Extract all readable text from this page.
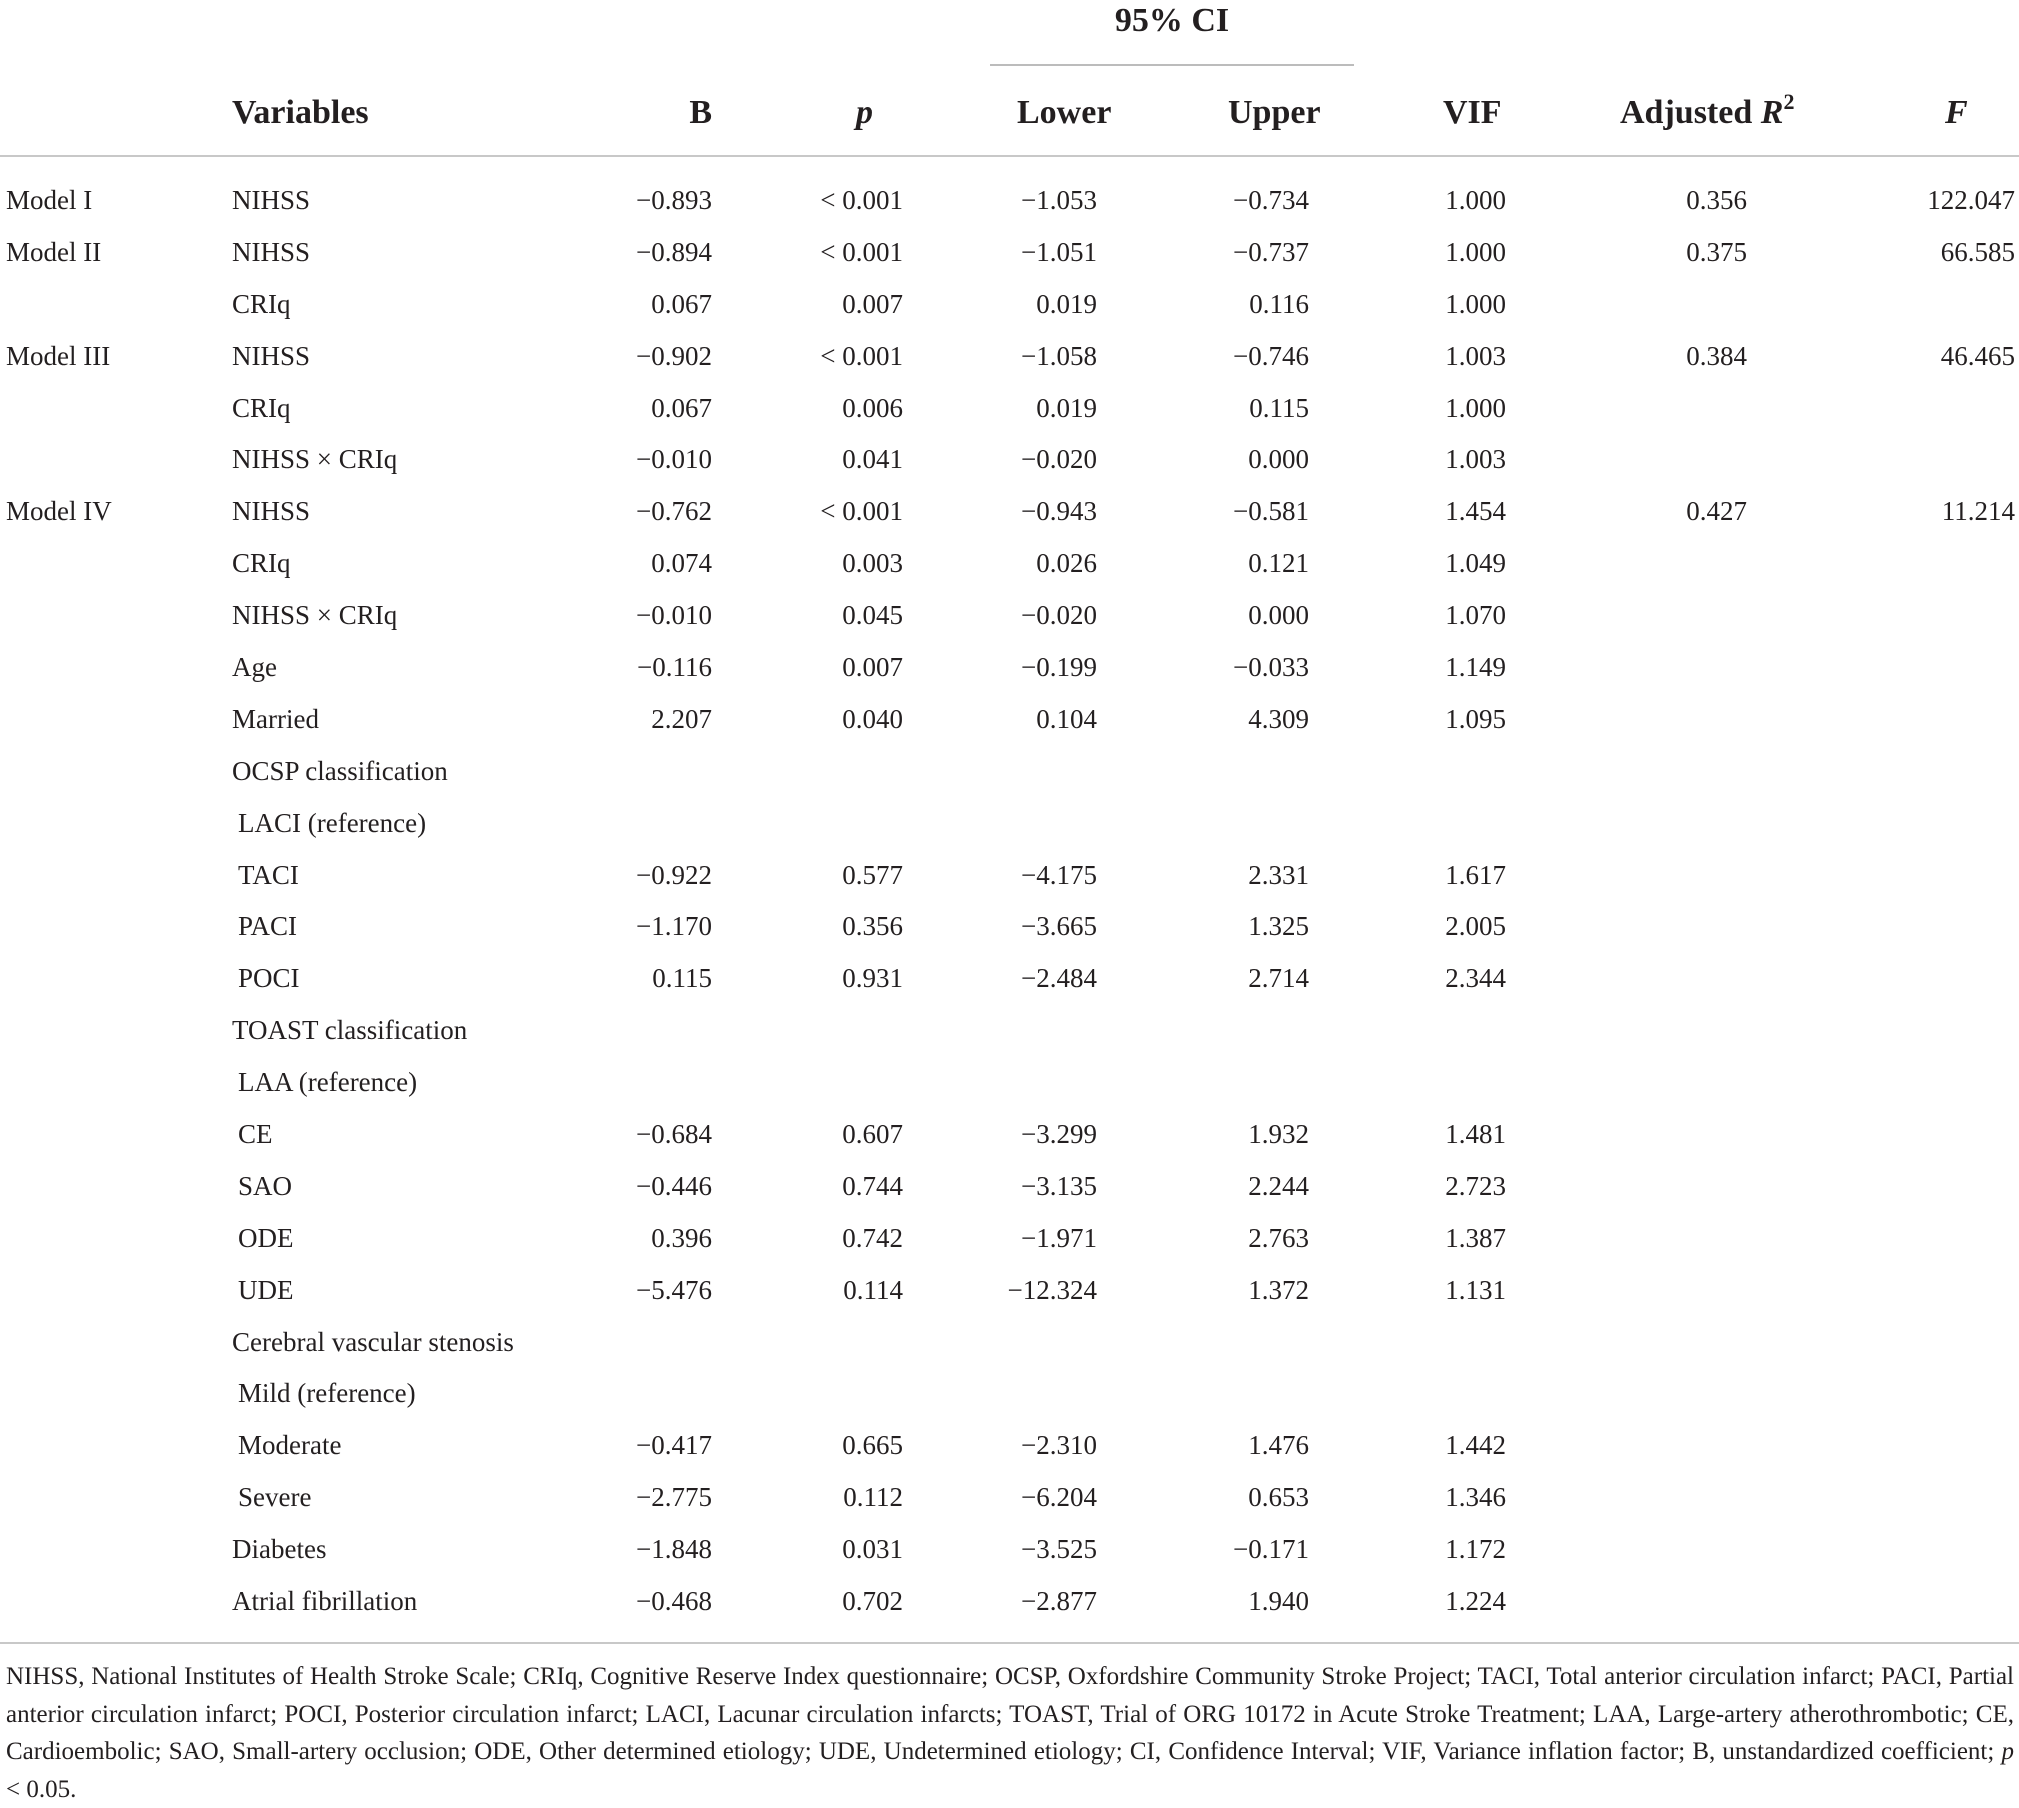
95% CI
Variables	B	p	Lower	Upper	VIF	Adjusted $R^2$	F
Model I	NIHSS	−0.893	< 0.001	−1.053	−0.734	1.000	0.356	122.047
Model II	NIHSS	−0.894	< 0.001	−1.051	−0.737	1.000	0.375	66.585
CRIq	0.067	0.007	0.019	0.116	1.000
Model III	NIHSS	−0.902	< 0.001	−1.058	−0.746	1.003	0.384	46.465
CRIq	0.067	0.006	0.019	0.115	1.000
NIHSS × CRIq	−0.010	0.041	−0.020	0.000	1.003
Model IV	NIHSS	−0.762	< 0.001	−0.943	−0.581	1.454	0.427	11.214
CRIq	0.074	0.003	0.026	0.121	1.049
NIHSS × CRIq	−0.010	0.045	−0.020	0.000	1.070
Age	−0.116	0.007	−0.199	−0.033	1.149
Married	2.207	0.040	0.104	4.309	1.095
OCSP classification
LACI (reference)
TACI	−0.922	0.577	−4.175	2.331	1.617
PACI	−1.170	0.356	−3.665	1.325	2.005
POCI	0.115	0.931	−2.484	2.714	2.344
TOAST classification
LAA (reference)
CE	−0.684	0.607	−3.299	1.932	1.481
SAO	−0.446	0.744	−3.135	2.244	2.723
ODE	0.396	0.742	−1.971	2.763	1.387
UDE	−5.476	0.114	−12.324	1.372	1.131
Cerebral vascular stenosis
Mild (reference)
Moderate	−0.417	0.665	−2.310	1.476	1.442
Severe	−2.775	0.112	−6.204	0.653	1.346
Diabetes	−1.848	0.031	−3.525	−0.171	1.172
Atrial fibrillation	−0.468	0.702	−2.877	1.940	1.224
NIHSS, National Institutes of Health Stroke Scale; CRIq, Cognitive Reserve Index questionnaire; OCSP, Oxfordshire Community Stroke Project; TACI, Total anterior circulation infarct; PACI, Partial anterior circulation infarct; POCI, Posterior circulation infarct; LACI, Lacunar circulation infarcts; TOAST, Trial of ORG 10172 in Acute Stroke Treatment; LAA, Large-artery atherothrombotic; CE, Cardioembolic; SAO, Small-artery occlusion; ODE, Other determined etiology; UDE, Undetermined etiology; CI, Confidence Interval; VIF, Variance inflation factor; B, unstandardized coefficient; p < 0.05.
